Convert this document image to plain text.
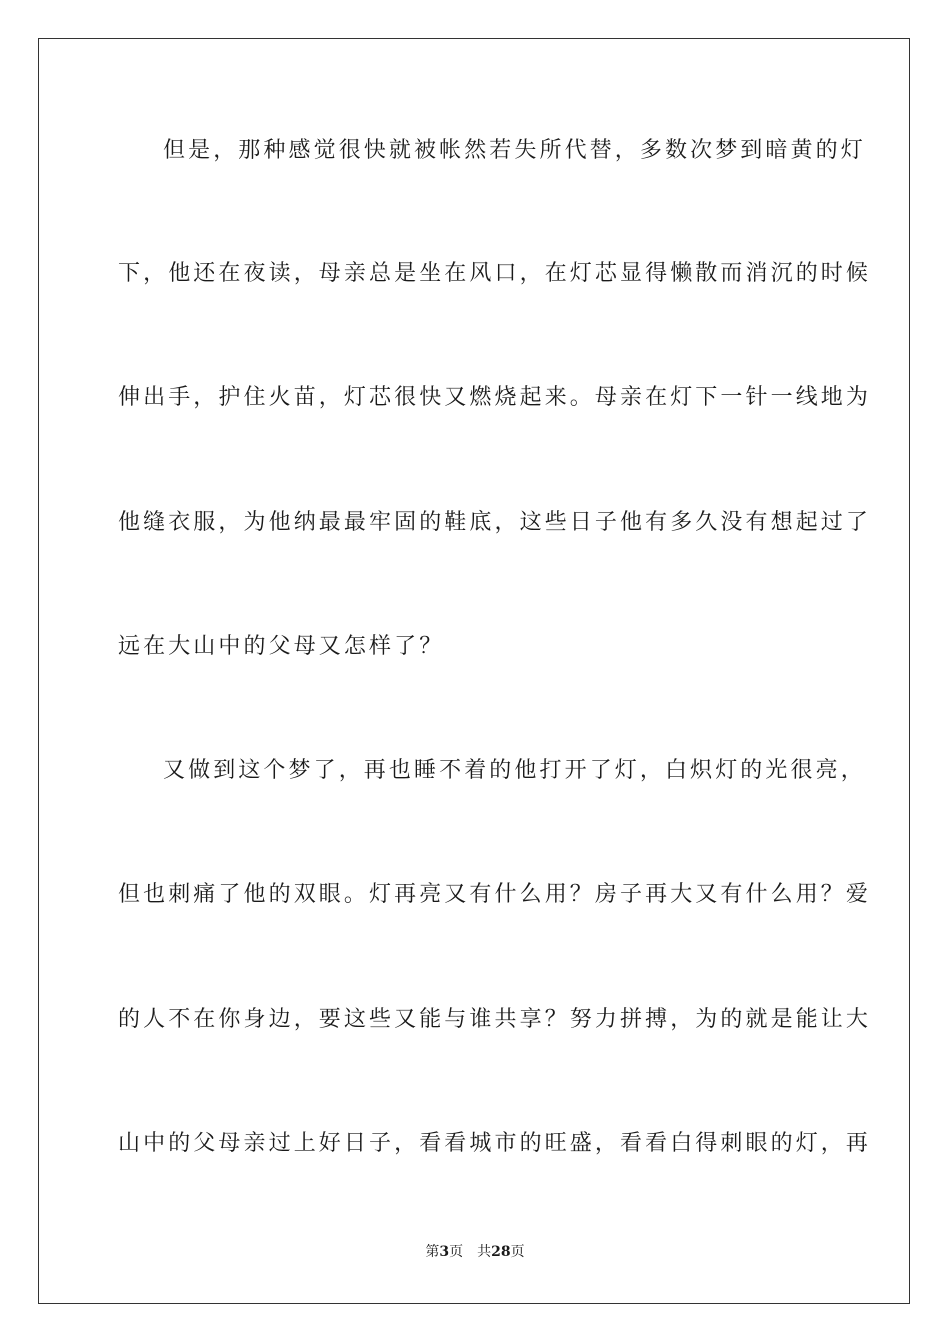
但是，那种感觉很快就被帐然若失所代替，多数次梦到暗黄的灯
下，他还在夜读，母亲总是坐在风口，在灯芯显得懒散而消沉的时候
伸出手，护住火苗，灯芯很快又燃烧起来。母亲在灯下一针一线地为
他缝衣服，为他纳最最牢固的鞋底，这些日子他有多久没有想起过了
远在大山中的父母又怎样了？
又做到这个梦了，再也睡不着的他打开了灯，白炽灯的光很亮，
但也刺痛了他的双眼。灯再亮又有什么用？房子再大又有什么用？爱
的人不在你身边，要这些又能与谁共享？努力拼搏，为的就是能让大
山中的父母亲过上好日子，看看城市的旺盛，看看白得刺眼的灯，再
第3页 共28页
